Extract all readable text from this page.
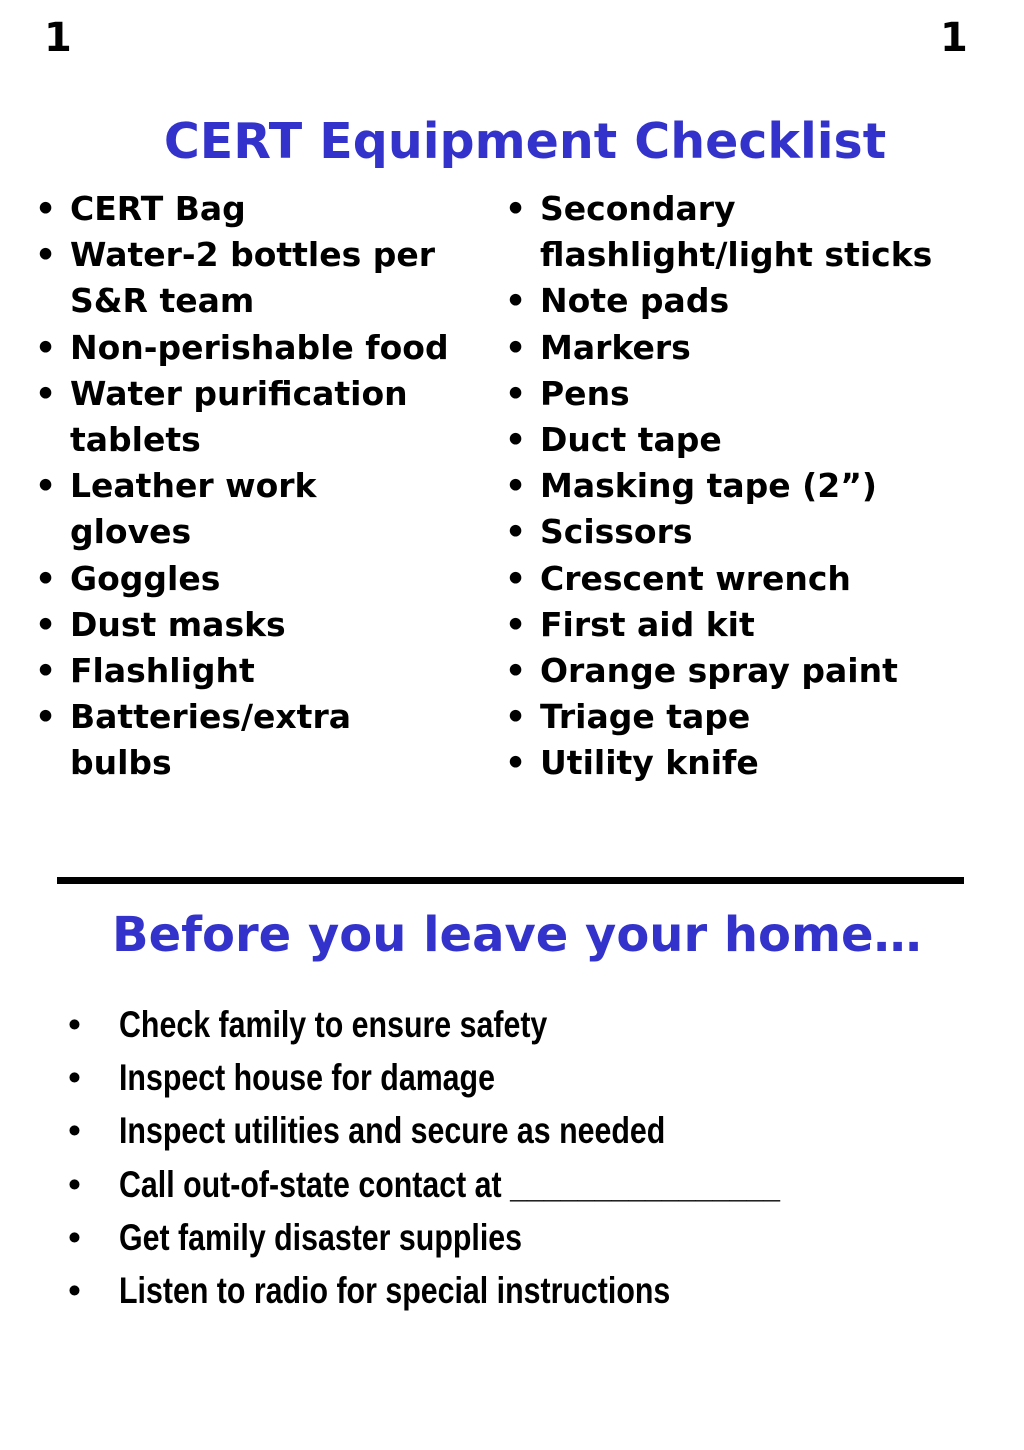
1	1
CERT Equipment Checklist
• CERT Bag
• Water-2 bottles per
S&R team
• Non-perishable food
• Water purification
tablets
• Leather work
gloves
• Goggles
• Dust masks
• Flashlight
• Batteries/extra
bulbs
• Secondary
flashlight/light sticks
• Note pads
• Markers
• Pens
• Duct tape
• Masking tape (2”)
• Scissors
• Crescent wrench
• First aid kit
• Orange spray paint
• Triage tape
• Utility knife
Before you leave your home…
• Check family to ensure safety
• Inspect house for damage
• Inspect utilities and secure as needed
• Call out-of-state contact at ________________
• Get family disaster supplies
• Listen to radio for special instructions
